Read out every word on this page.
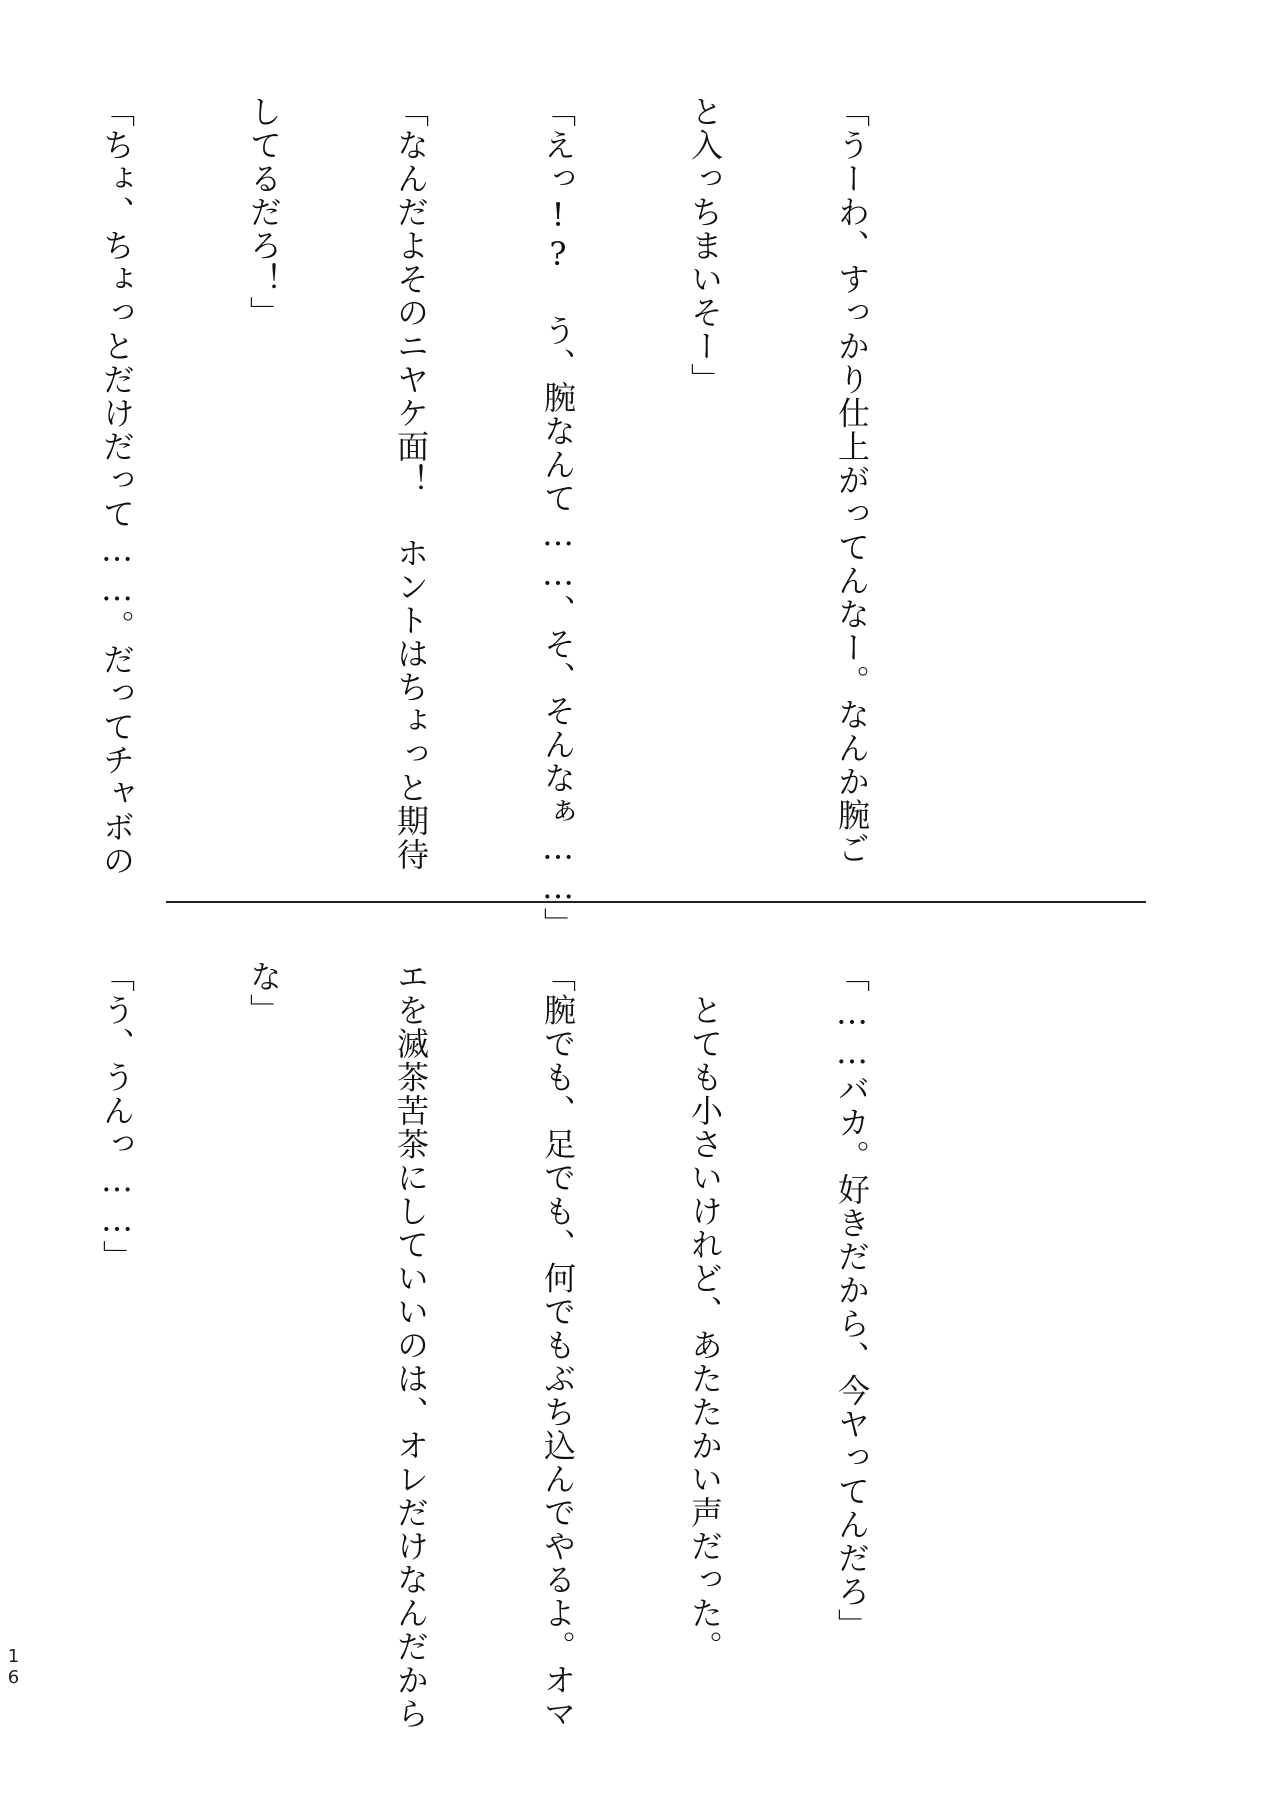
「うーわ、すっかり仕上がってんなー。なんか腕ご

と入っちまいそー」

「えっ!? う、腕なんて……、そ、そんなぁ……」

「なんだよそのニヤケ面！ ホントはちょっと期待

してるだろ！」

「ちょ、ちょっとだけだって……。だってチャボの

「……バカ。好きだから、今ヤってんだろ」

　とても小さいけれど、あたたかい声だった。

「腕でも、足でも、何でもぶち込んでやるよ。オマ

エを滅茶苦茶にしていいのは、オレだけなんだから

な」

「う、うんっ……」

16
